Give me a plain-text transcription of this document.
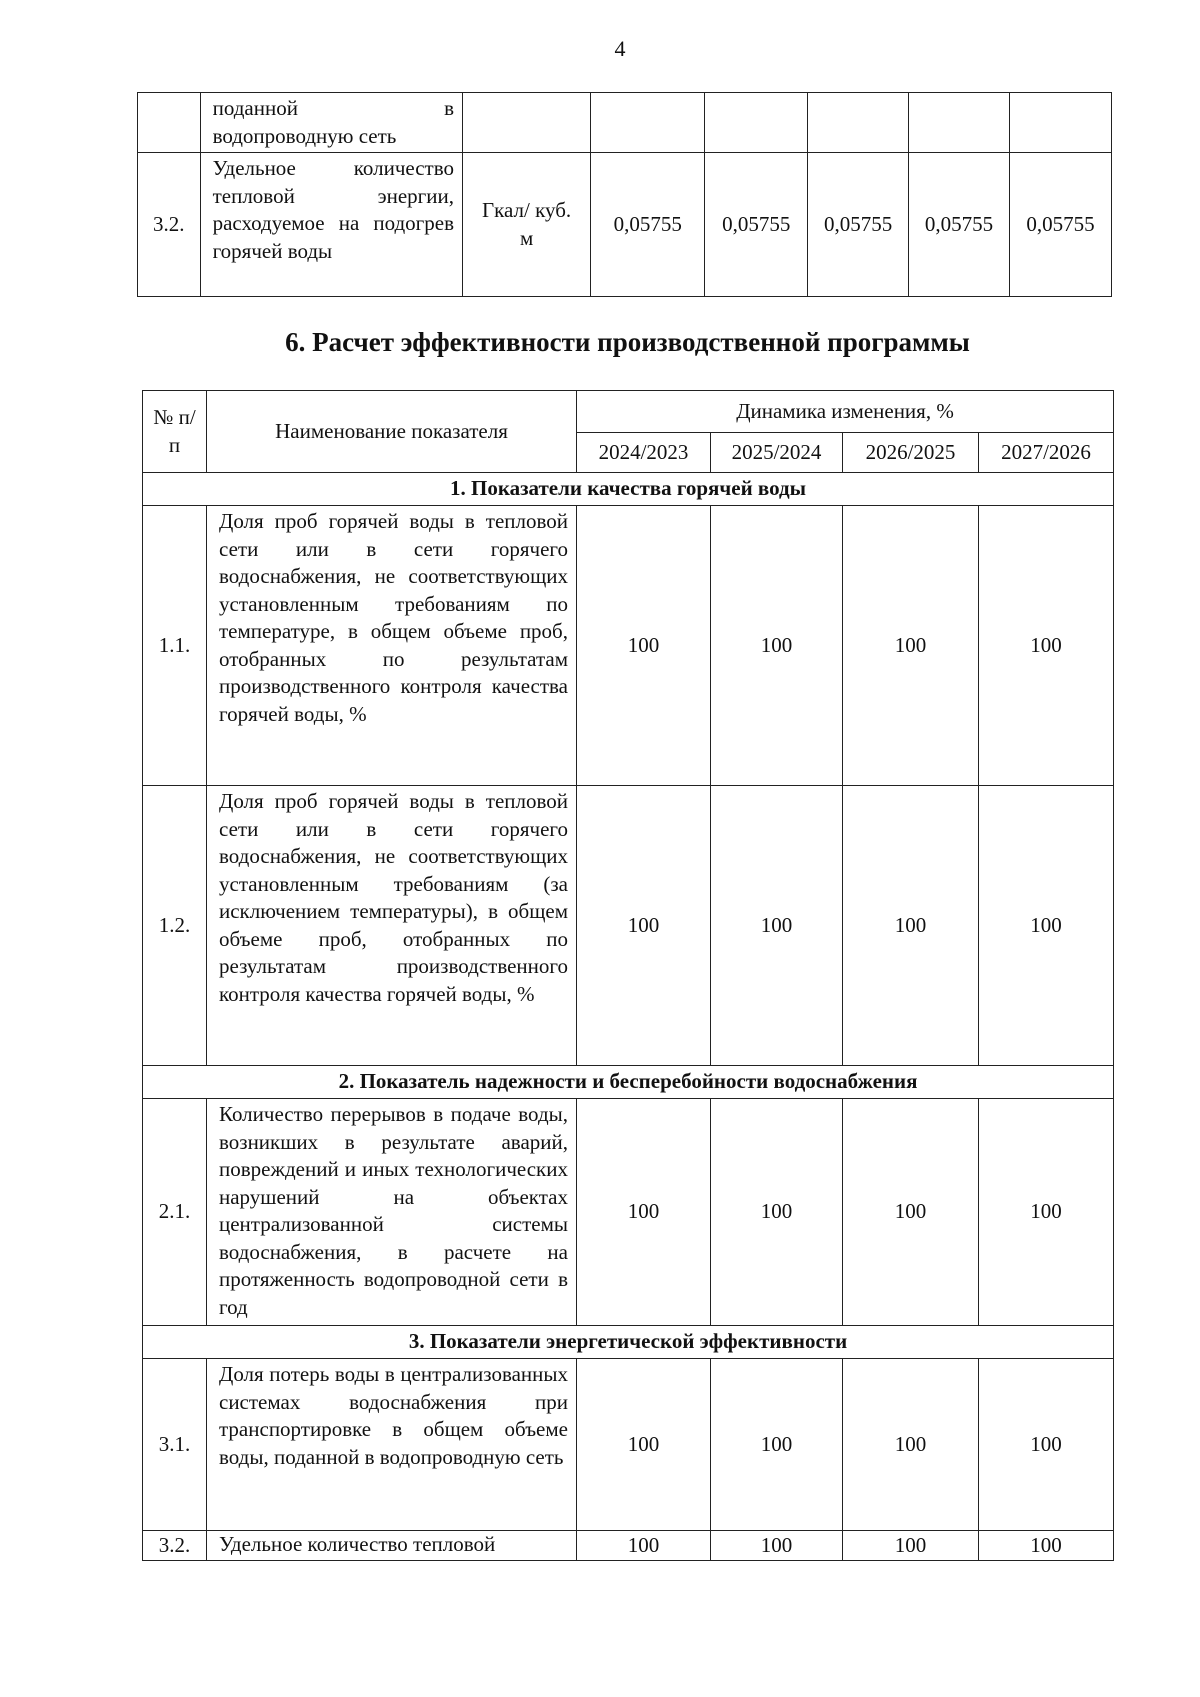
4
	поданной в водопроводную сеть						
3.2.	Удельное количество тепловой энергии, расходуемое на подогрев горячей воды	Гкал/ куб. м	0,05755	0,05755	0,05755	0,05755	0,05755
6. Расчет эффективности производственной программы
№ п/п	Наименование показателя	Динамика изменения, %			
		2024/2023	2025/2024	2026/2025	2027/2026
1. Показатели качества горячей воды					
1.1.	Доля проб горячей воды в тепловой сети или в сети горячего водоснабжения, не соответствующих установленным требованиям по температуре, в общем объеме проб, отобранных по результатам производственного контроля качества горячей воды, %	100	100	100	100
1.2.	Доля проб горячей воды в тепловой сети или в сети горячего водоснабжения, не соответствующих установленным требованиям (за исключением температуры), в общем объеме проб, отобранных по результатам производственного контроля качества горячей воды, %	100	100	100	100
2. Показатель надежности и бесперебойности водоснабжения					
2.1.	Количество перерывов в подаче воды, возникших в результате аварий, повреждений и иных технологических нарушений на объектах централизованной системы водоснабжения, в расчете на протяженность водопроводной сети в год	100	100	100	100
3. Показатели энергетической эффективности					
3.1.	Доля потерь воды в централизованных системах водоснабжения при транспортировке в общем объеме воды, поданной в водопроводную сеть	100	100	100	100
3.2.	Удельное количество тепловой	100	100	100	100
